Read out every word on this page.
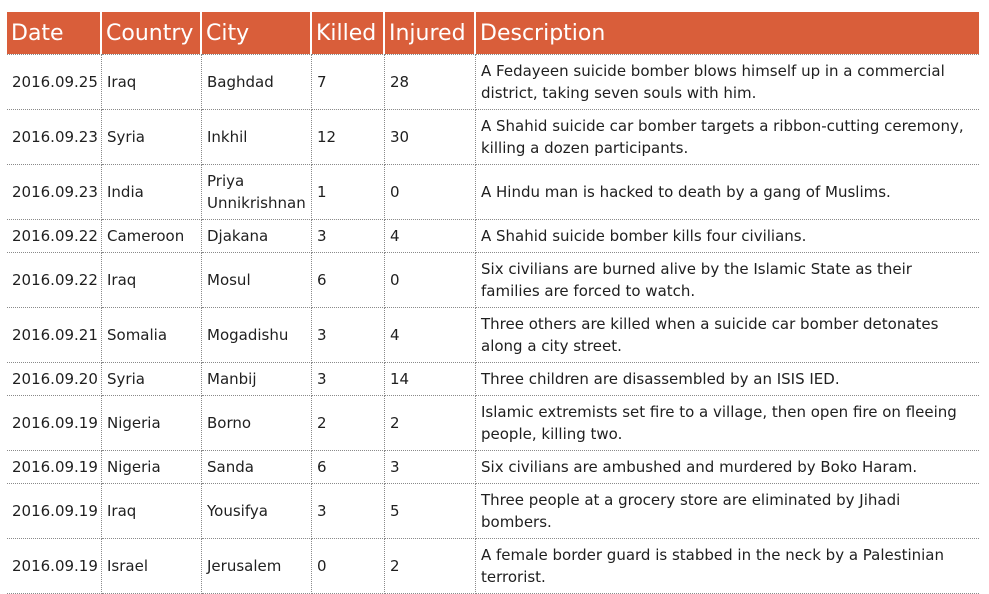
Date	Country	City	Killed	Injured	Description
2016.09.25	Iraq	Baghdad	7	28	A Fedayeen suicide bomber blows himself up in a commercial district, taking seven souls with him.
2016.09.23	Syria	Inkhil	12	30	A Shahid suicide car bomber targets a ribbon-cutting ceremony, killing a dozen participants.
2016.09.23	India	Priya Unnikrishnan	1	0	A Hindu man is hacked to death by a gang of Muslims.
2016.09.22	Cameroon	Djakana	3	4	A Shahid suicide bomber kills four civilians.
2016.09.22	Iraq	Mosul	6	0	Six civilians are burned alive by the Islamic State as their families are forced to watch.
2016.09.21	Somalia	Mogadishu	3	4	Three others are killed when a suicide car bomber detonates along a city street.
2016.09.20	Syria	Manbij	3	14	Three children are disassembled by an ISIS IED.
2016.09.19	Nigeria	Borno	2	2	Islamic extremists set fire to a village, then open fire on fleeing people, killing two.
2016.09.19	Nigeria	Sanda	6	3	Six civilians are ambushed and murdered by Boko Haram.
2016.09.19	Iraq	Yousifya	3	5	Three people at a grocery store are eliminated by Jihadi bombers.
2016.09.19	Israel	Jerusalem	0	2	A female border guard is stabbed in the neck by a Palestinian terrorist.
